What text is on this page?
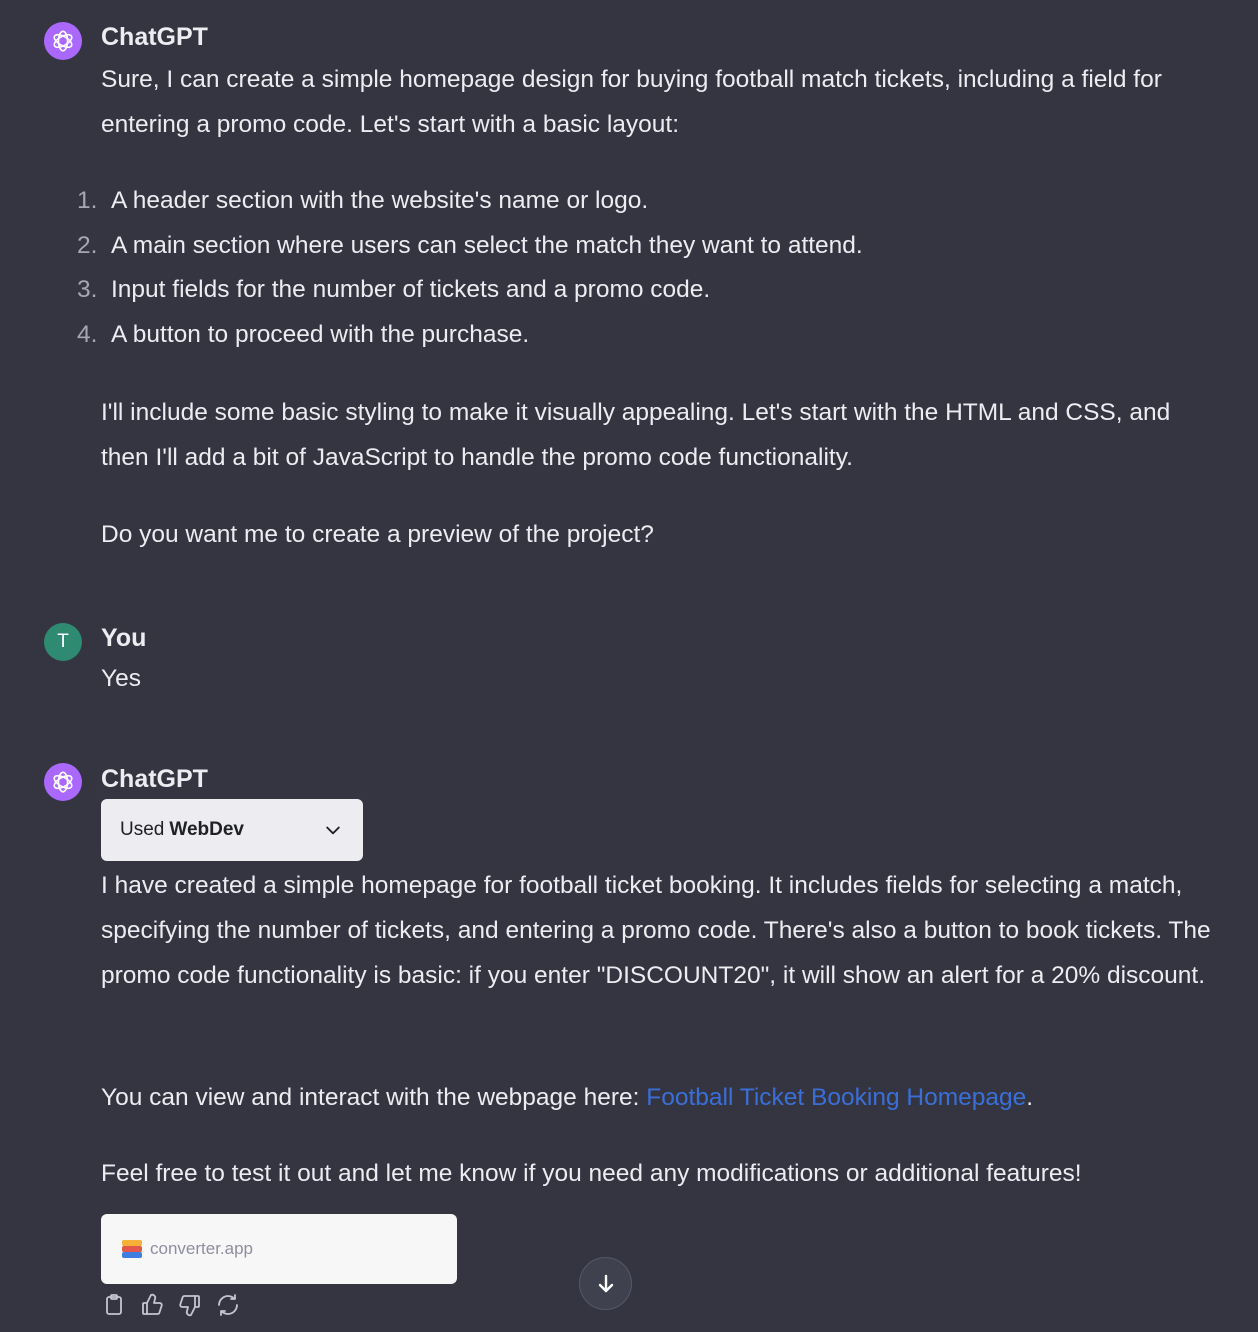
ChatGPT

Sure, I can create a simple homepage design for buying football match tickets, including a field for entering a promo code. Let's start with a basic layout:

1. A header section with the website's name or logo.
2. A main section where users can select the match they want to attend.
3. Input fields for the number of tickets and a promo code.
4. A button to proceed with the purchase.

I'll include some basic styling to make it visually appealing. Let's start with the HTML and CSS, and then I'll add a bit of JavaScript to handle the promo code functionality.

Do you want me to create a preview of the project?

T	You

Yes

ChatGPT
Used WebDev

I have created a simple homepage for football ticket booking. It includes fields for selecting a match, specifying the number of tickets, and entering a promo code. There's also a button to book tickets. The promo code functionality is basic: if you enter "DISCOUNT20", it will show an alert for a 20% discount.

You can view and interact with the webpage here: Football Ticket Booking Homepage.

Feel free to test it out and let me know if you need any modifications or additional features!

converter.app
